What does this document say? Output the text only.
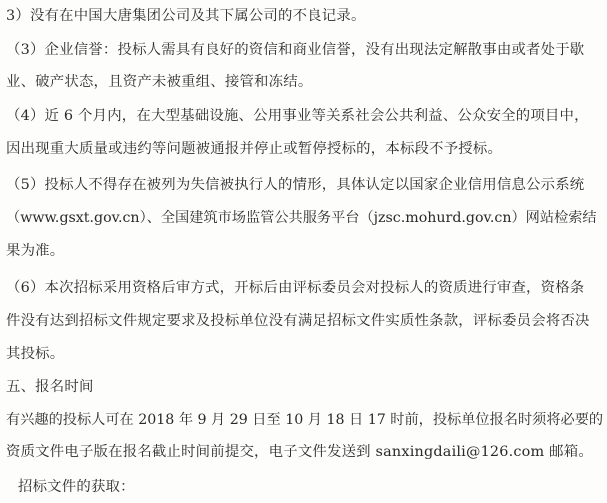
3）没有在中国大唐集团公司及其下属公司的不良记录。
（3）企业信誉：投标人需具有良好的资信和商业信誉，没有出现法定解散事由或者处于歇
业、破产状态，且资产未被重组、接管和冻结。
（4）近 6 个月内，在大型基础设施、公用事业等关系社会公共利益、公众安全的项目中，
因出现重大质量或违约等问题被通报并停止或暂停授标的，本标段不予授标。
（5）投标人不得存在被列为失信被执行人的情形，具体认定以国家企业信用信息公示系统
（www.gsxt.gov.cn）、全国建筑市场监管公共服务平台（jzsc.mohurd.gov.cn）网站检索结
果为准。
（6）本次招标采用资格后审方式，开标后由评标委员会对投标人的资质进行审查，资格条
件没有达到招标文件规定要求及投标单位没有满足招标文件实质性条款，评标委员会将否决
其投标。
五、报名时间
有兴趣的投标人可在 2018 年 9 月 29 日至 10 月 18 日 17 时前，投标单位报名时须将必要的
资质文件电子版在报名截止时间前提交，电子文件发送到 sanxingdaili@126.com 邮箱。
招标文件的获取：
